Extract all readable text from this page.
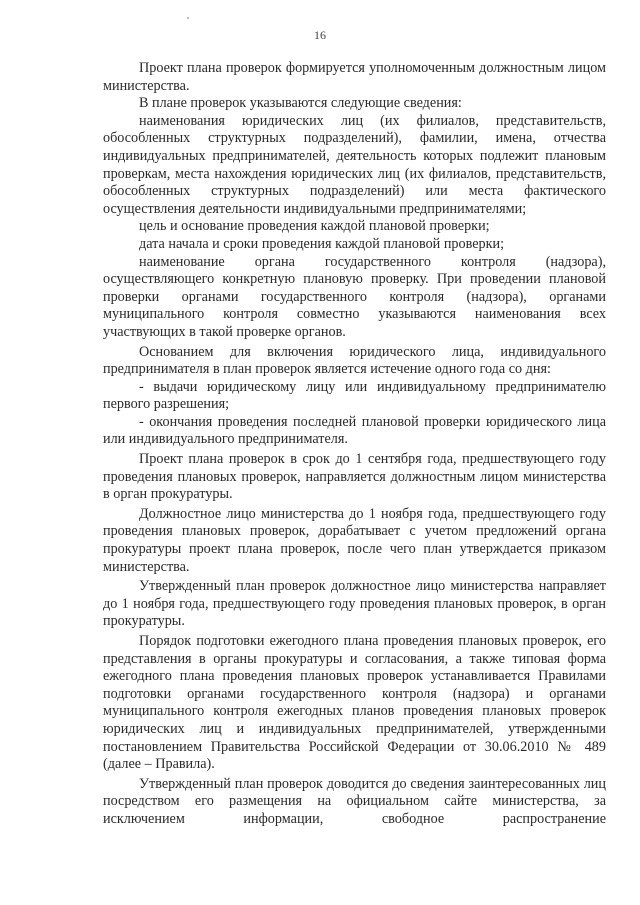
16

Проект плана проверок формируется уполномоченным должностным лицом министерства.

В плане проверок указываются следующие сведения:

наименования юридических лиц (их филиалов, представительств, обособленных структурных подразделений), фамилии, имена, отчества индивидуальных предпринимателей, деятельность которых подлежит плановым проверкам, места нахождения юридических лиц (их филиалов, представительств, обособленных структурных подразделений) или места фактического осуществления деятельности индивидуальными предпринимателями;

цель и основание проведения каждой плановой проверки;

дата начала и сроки проведения каждой плановой проверки;

наименование органа государственного контроля (надзора), осуществляющего конкретную плановую проверку. При проведении плановой проверки органами государственного контроля (надзора), органами муниципального контроля совместно указываются наименования всех участвующих в такой проверке органов.

Основанием для включения юридического лица, индивидуального предпринимателя в план проверок является истечение одного года со дня:

- выдачи юридическому лицу или индивидуальному предпринимателю первого разрешения;

- окончания проведения последней плановой проверки юридического лица или индивидуального предпринимателя.

Проект плана проверок в срок до 1 сентября года, предшествующего году проведения плановых проверок, направляется должностным лицом министерства в орган прокуратуры.

Должностное лицо министерства до 1 ноября года, предшествующего году проведения плановых проверок, дорабатывает с учетом предложений органа прокуратуры проект плана проверок, после чего план утверждается приказом министерства.

Утвержденный план проверок должностное лицо министерства направляет до 1 ноября года, предшествующего году проведения плановых проверок, в орган прокуратуры.

Порядок подготовки ежегодного плана проведения плановых проверок, его представления в органы прокуратуры и согласования, а также типовая форма ежегодного плана проведения плановых проверок устанавливается Правилами подготовки органами государственного контроля (надзора) и органами муниципального контроля ежегодных планов проведения плановых проверок юридических лиц и индивидуальных предпринимателей, утвержденными постановлением Правительства Российской Федерации от 30.06.2010 № 489 (далее – Правила).

Утвержденный план проверок доводится до сведения заинтересованных лиц посредством его размещения на официальном сайте министерства, за исключением информации, свободное распространение
